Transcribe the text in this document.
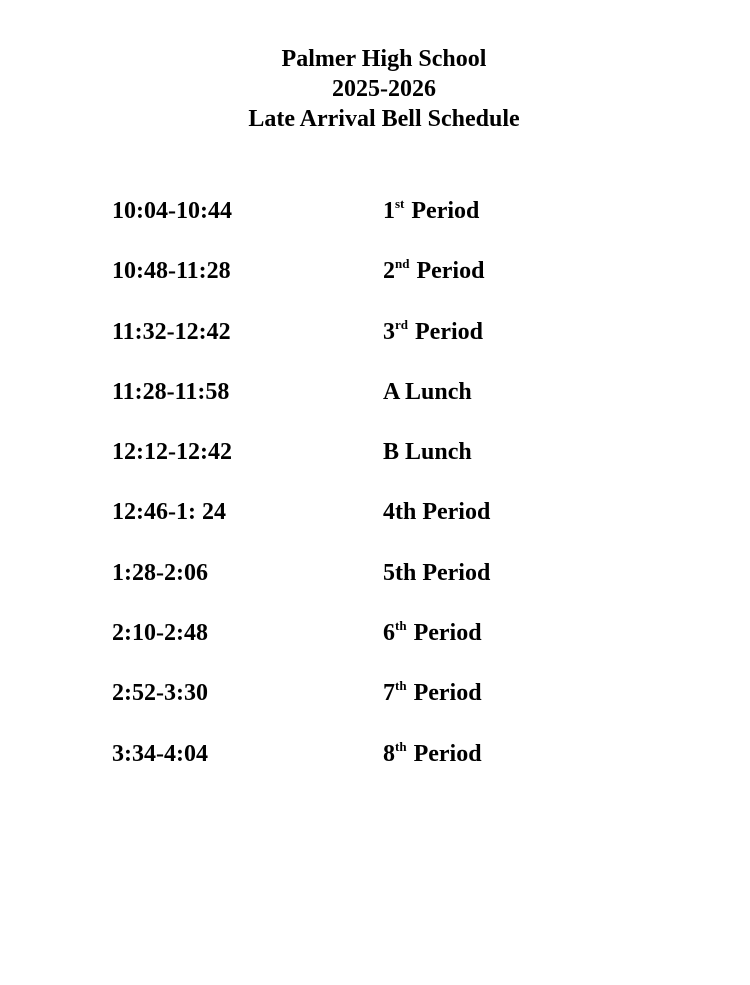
Palmer High School
2025-2026
Late Arrival Bell Schedule
10:04-10:44	1st Period
10:48-11:28	2nd Period
11:32-12:42	3rd Period
11:28-11:58	A Lunch
12:12-12:42	B Lunch
12:46-1: 24	4th Period
1:28-2:06	5th Period
2:10-2:48	6th Period
2:52-3:30	7th Period
3:34-4:04	8th Period
